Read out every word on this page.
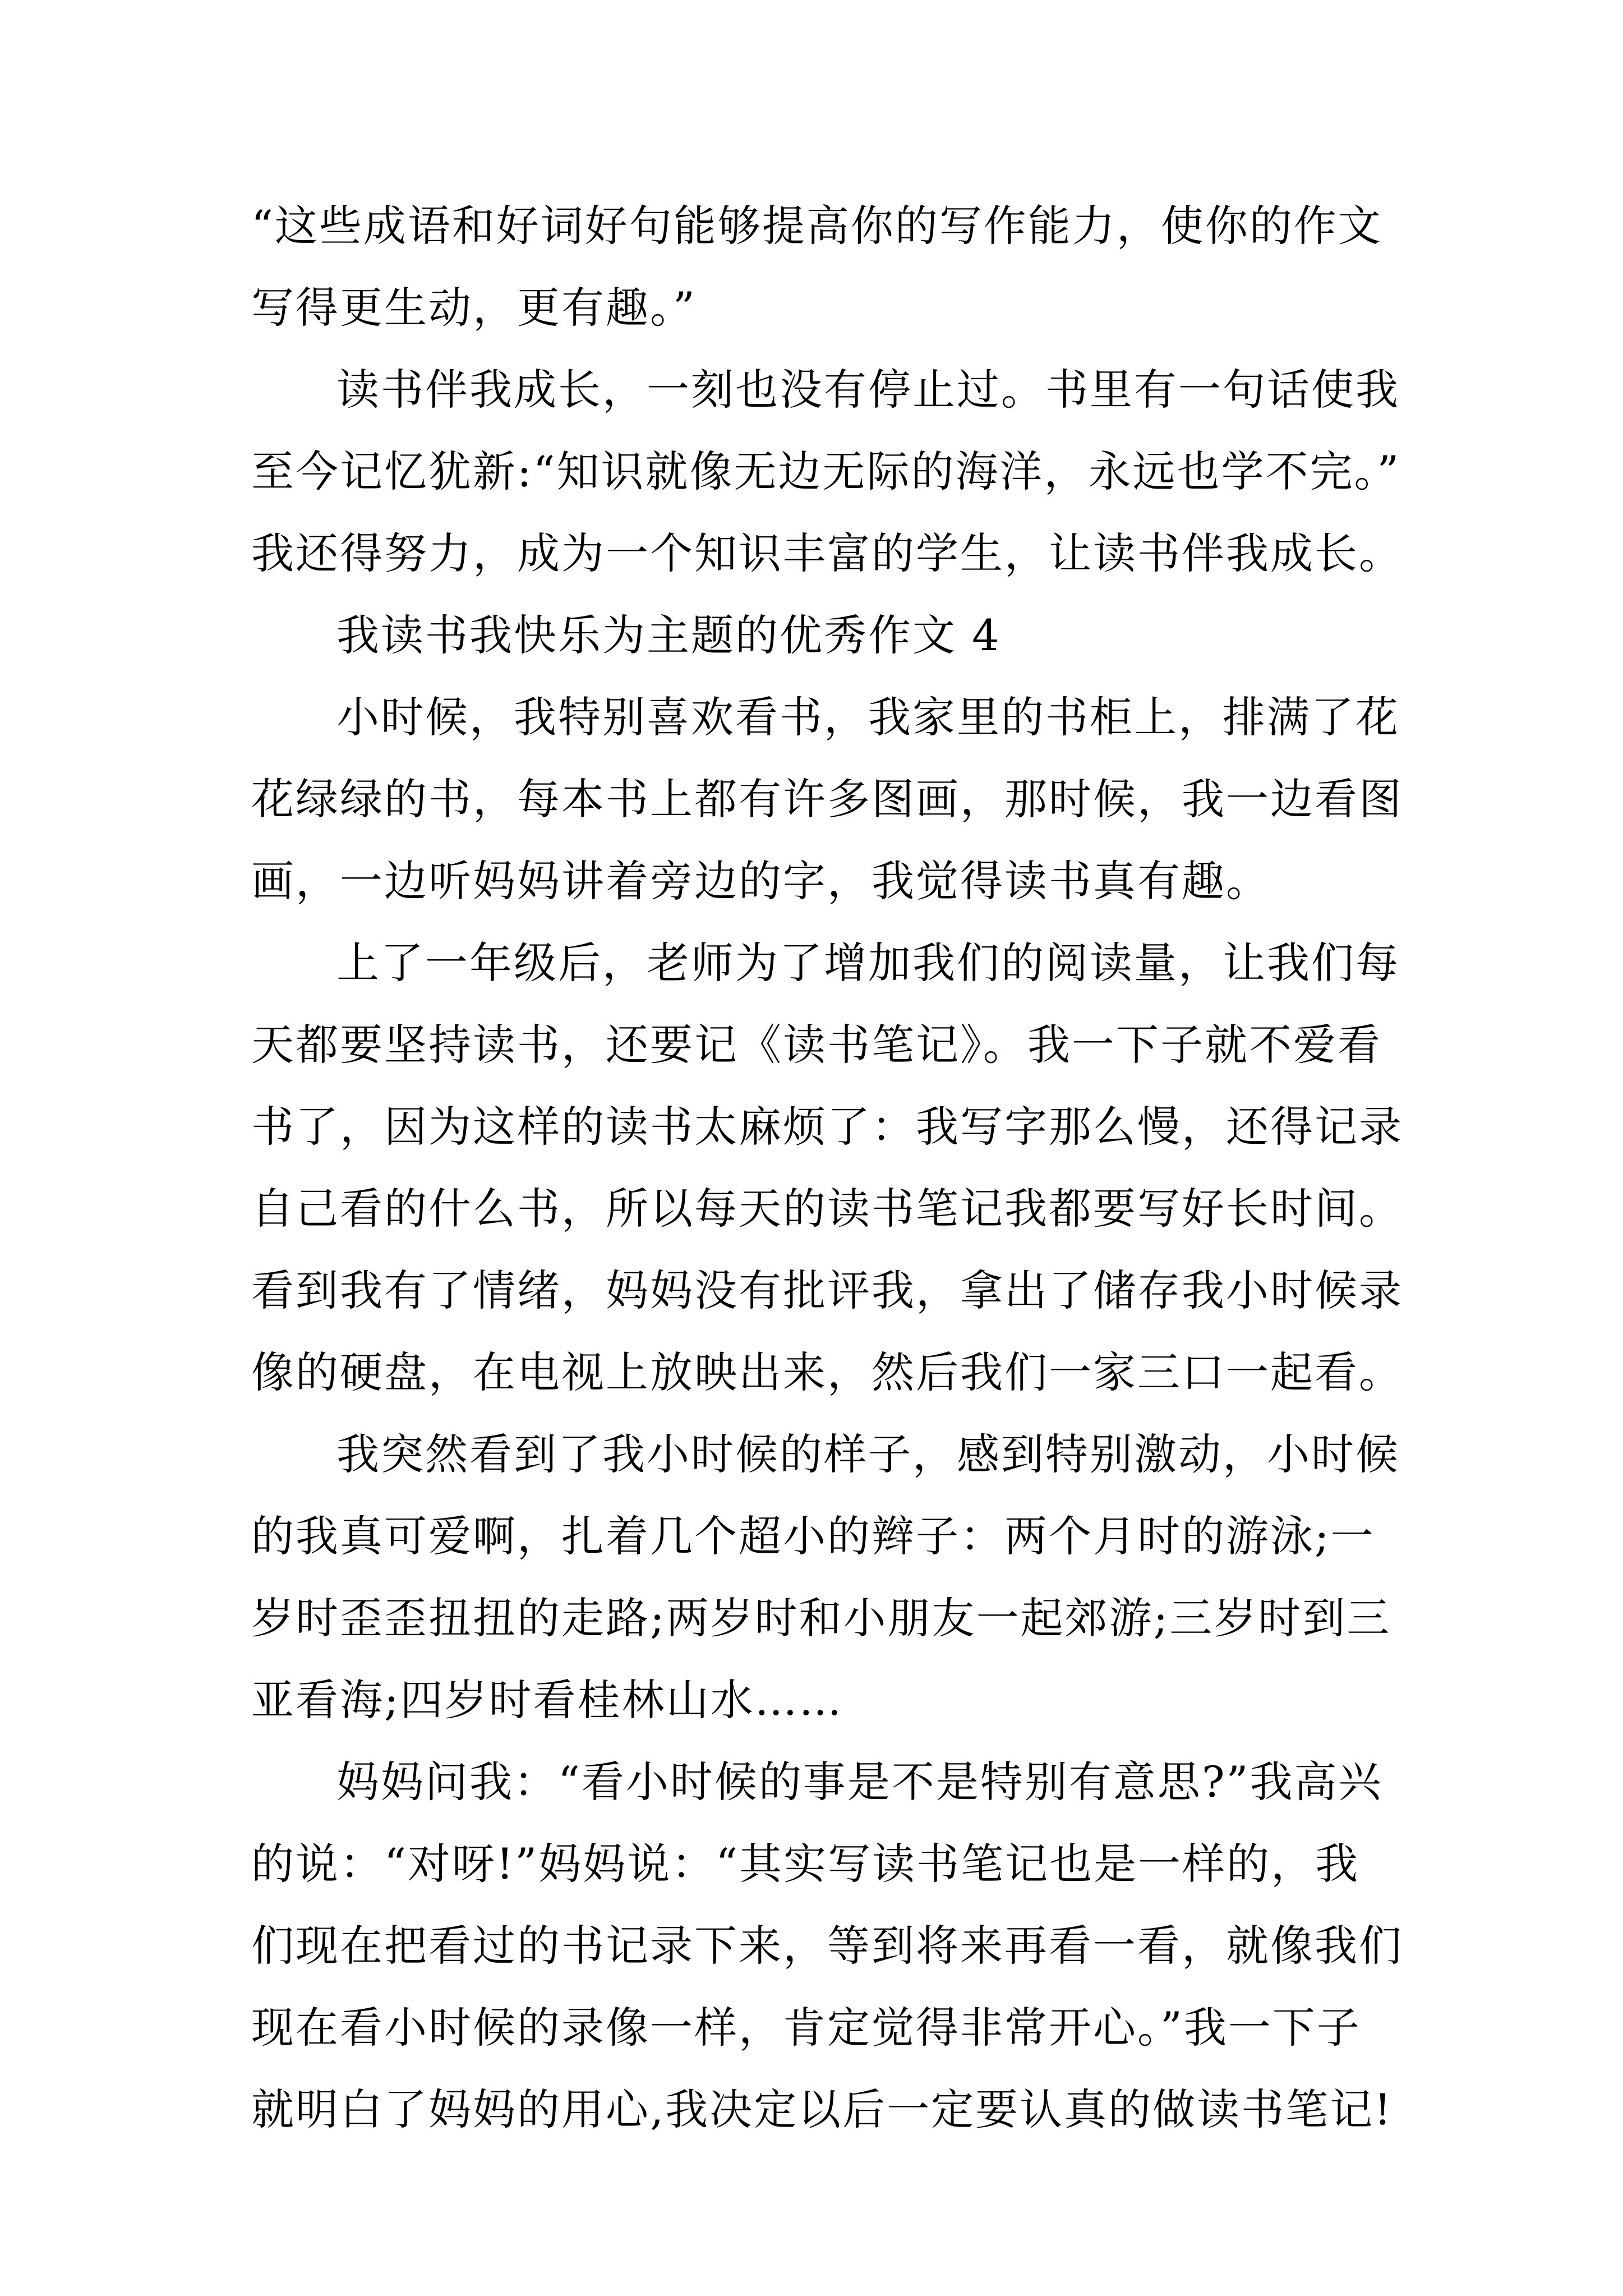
“这些成语和好词好句能够提高你的写作能力，使你的作文
写得更生动，更有趣。”
读书伴我成长，一刻也没有停止过。书里有一句话使我
至今记忆犹新:“知识就像无边无际的海洋，永远也学不完。”
我还得努力，成为一个知识丰富的学生，让读书伴我成长。
我读书我快乐为主题的优秀作文 4
小时候，我特别喜欢看书，我家里的书柜上，排满了花
花绿绿的书，每本书上都有许多图画，那时候，我一边看图
画，一边听妈妈讲着旁边的字，我觉得读书真有趣。
上了一年级后，老师为了增加我们的阅读量，让我们每
天都要坚持读书，还要记《读书笔记》。我一下子就不爱看
书了，因为这样的读书太麻烦了：我写字那么慢，还得记录
自己看的什么书，所以每天的读书笔记我都要写好长时间。
看到我有了情绪，妈妈没有批评我，拿出了储存我小时候录
像的硬盘，在电视上放映出来，然后我们一家三口一起看。
我突然看到了我小时候的样子，感到特别激动，小时候
的我真可爱啊，扎着几个超小的辫子：两个月时的游泳;一
岁时歪歪扭扭的走路;两岁时和小朋友一起郊游;三岁时到三
亚看海;四岁时看桂林山水……
妈妈问我：“看小时候的事是不是特别有意思?”我高兴
的说：“对呀!”妈妈说：“其实写读书笔记也是一样的，我
们现在把看过的书记录下来，等到将来再看一看，就像我们
现在看小时候的录像一样，肯定觉得非常开心。”我一下子
就明白了妈妈的用心,我决定以后一定要认真的做读书笔记!
